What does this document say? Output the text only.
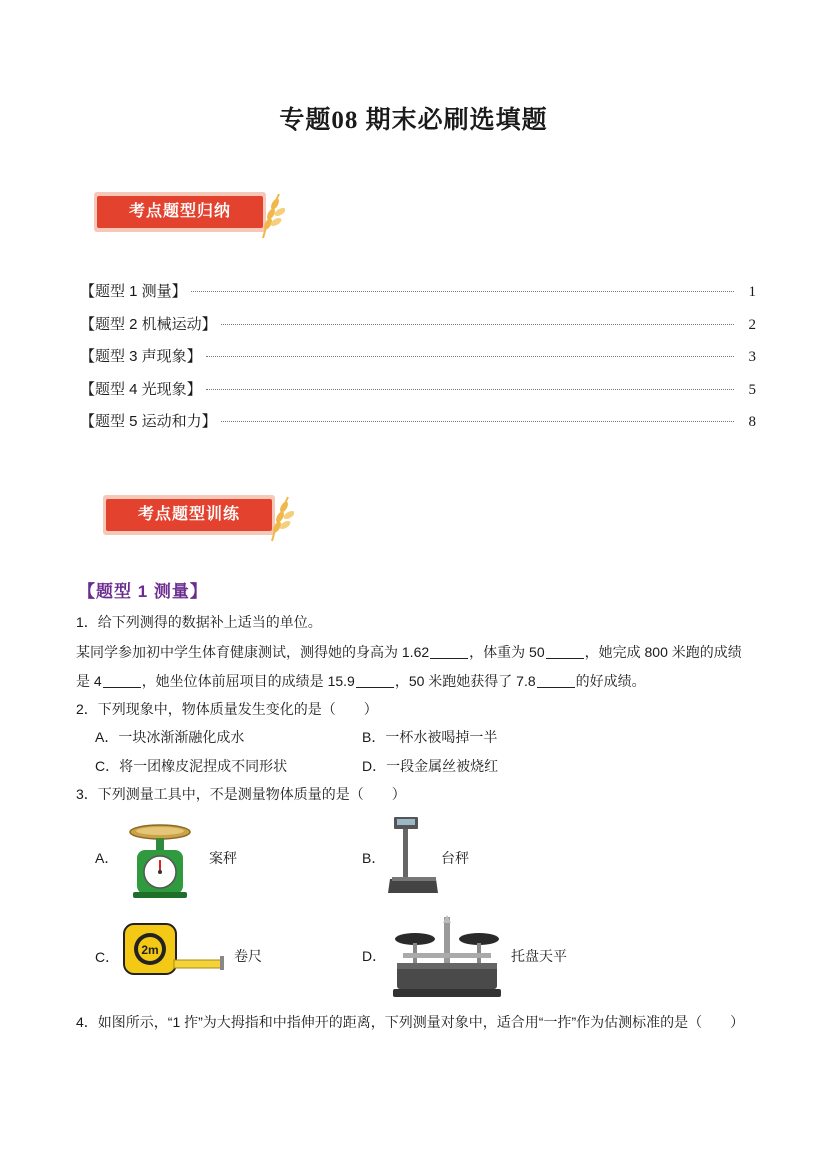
专题08 期末必刷选填题
考点题型归纳
【题型 1 测量】	1
【题型 2 机械运动】	2
【题型 3 声现象】	3
【题型 4 光现象】	5
【题型 5 运动和力】	8
考点题型训练
【题型 1 测量】
1．给下列测得的数据补上适当的单位。
某同学参加初中学生体育健康测试，测得她的身高为 1.62	，体重为 50	，她完成 800 米跑的成绩
是 4	，她坐位体前屈项目的成绩是 15.9	，50 米跑她获得了 7.8	的好成绩。
2．下列现象中，物体质量发生变化的是（　　）
A．一块冰渐渐融化成水	B．一杯水被喝掉一半
C．将一团橡皮泥捏成不同形状	D．一段金属丝被烧红
3．下列测量工具中，不是测量物体质量的是（　　）
A．	案秤	B．	台秤
C． 2m	卷尺	D．	托盘天平
4．如图所示，“1 拃”为大拇指和中指伸开的距离，下列测量对象中，适合用“一拃”作为估测标准的是（　　）
